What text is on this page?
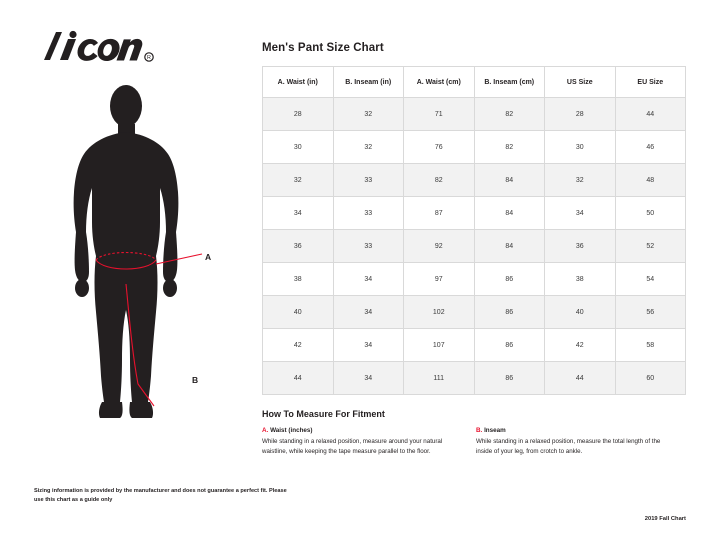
R
A
B
Sizing information is provided by the manufacturer and does not guarantee a perfect fit. Please use this chart as a guide only
Men's Pant Size Chart
A. Waist (in)	B. Inseam (in)	A. Waist (cm)	B. Inseam (cm)	US Size	EU Size
28	32	71	82	28	44
30	32	76	82	30	46
32	33	82	84	32	48
34	33	87	84	34	50
36	33	92	84	36	52
38	34	97	86	38	54
40	34	102	86	40	56
42	34	107	86	42	58
44	34	111	86	44	60
How To Measure For Fitment
A. Waist (inches)
While standing in a relaxed position, measure around your natural waistline, while keeping the tape measure parallel to the floor.
B. Inseam
While standing in a relaxed position, measure the total length of the inside of your leg, from crotch to ankle.
2019 Fall Chart
